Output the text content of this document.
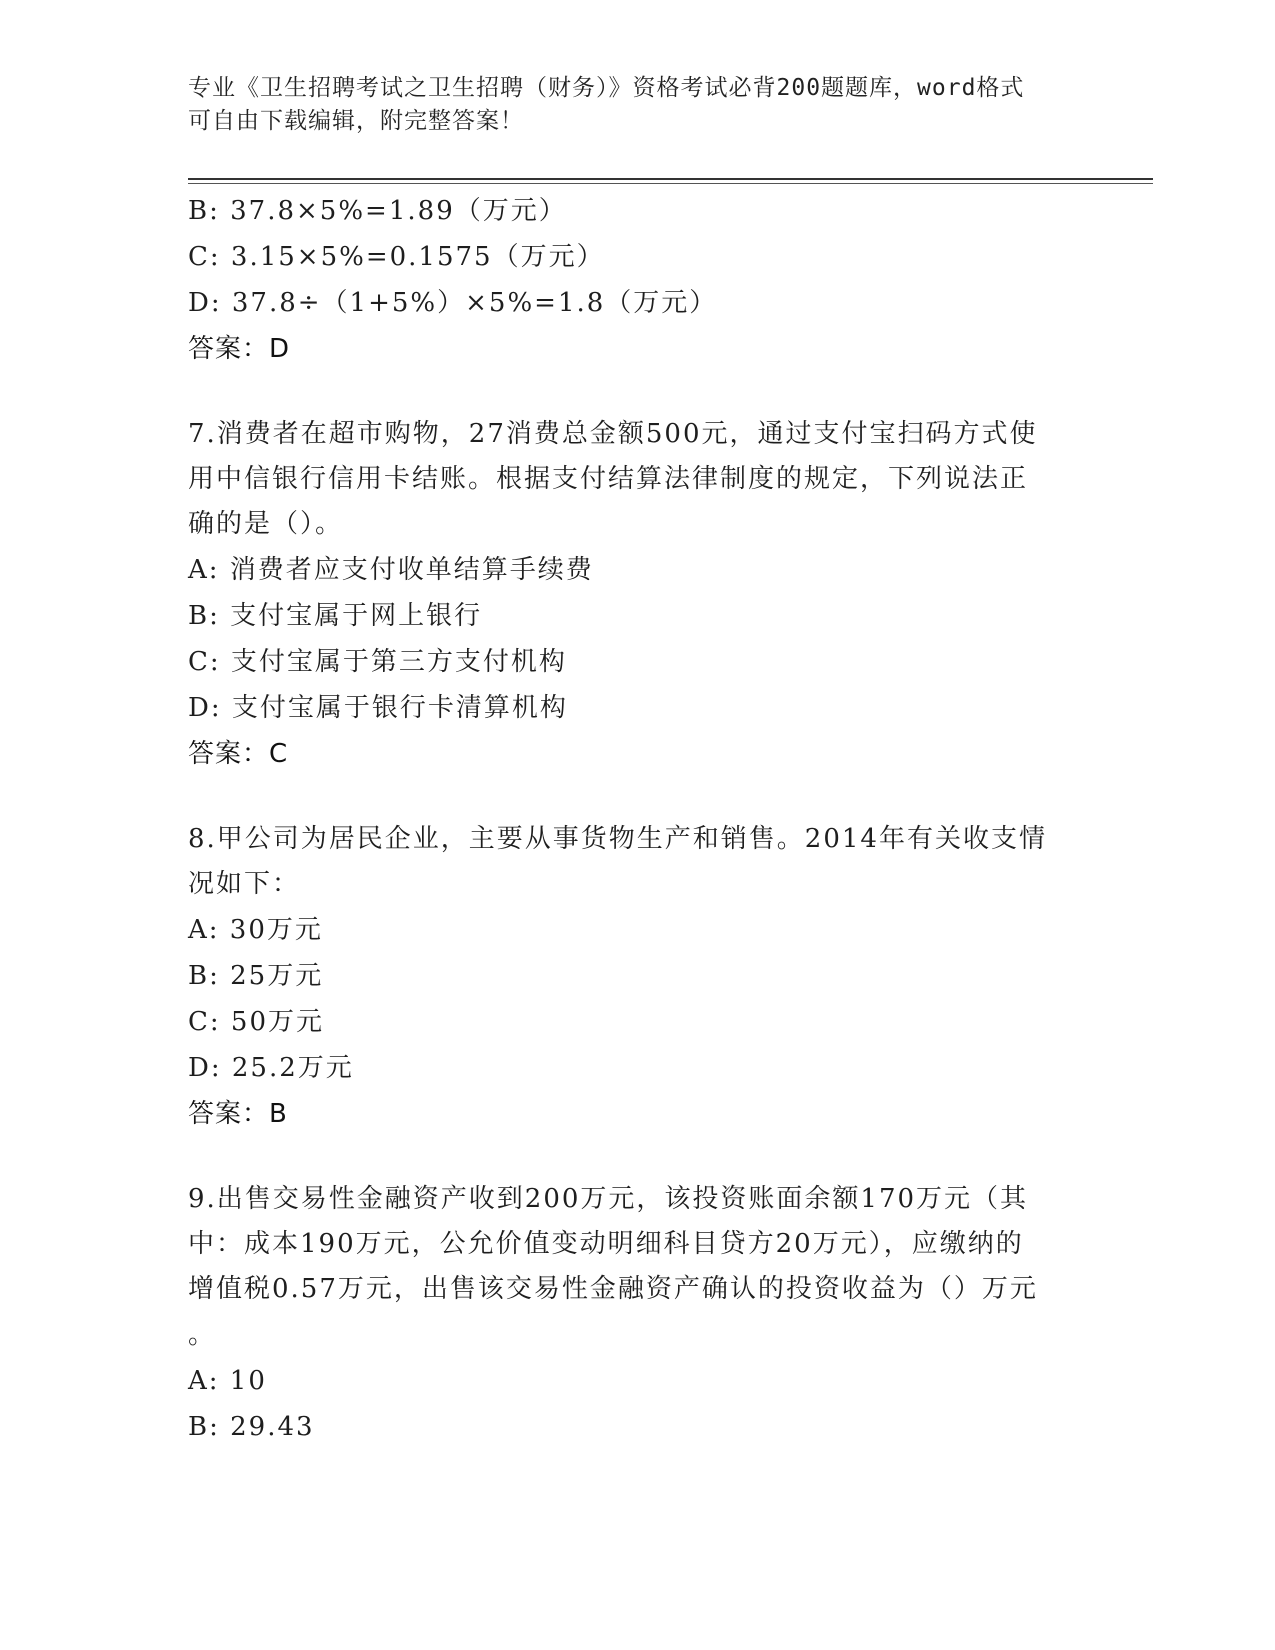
专业《卫生招聘考试之卫生招聘（财务）》资格考试必背200题题库，word格式
可自由下载编辑，附完整答案！
B: 37.8×5%=1.89（万元）
C: 3.15×5%=0.1575（万元）
D: 37.8÷（1+5%）×5%=1.8（万元）
答案：D
7.消费者在超市购物，27消费总金额500元，通过支付宝扫码方式使
用中信银行信用卡结账。根据支付结算法律制度的规定，下列说法正
确的是（）。
A: 消费者应支付收单结算手续费
B: 支付宝属于网上银行
C: 支付宝属于第三方支付机构
D: 支付宝属于银行卡清算机构
答案：C
8.甲公司为居民企业，主要从事货物生产和销售。2014年有关收支情
况如下：
A: 30万元
B: 25万元
C: 50万元
D: 25.2万元
答案：B
9.出售交易性金融资产收到200万元，该投资账面余额170万元（其
中：成本190万元，公允价值变动明细科目贷方20万元），应缴纳的
增值税0.57万元，出售该交易性金融资产确认的投资收益为（）万元
。
A: 10
B: 29.43
